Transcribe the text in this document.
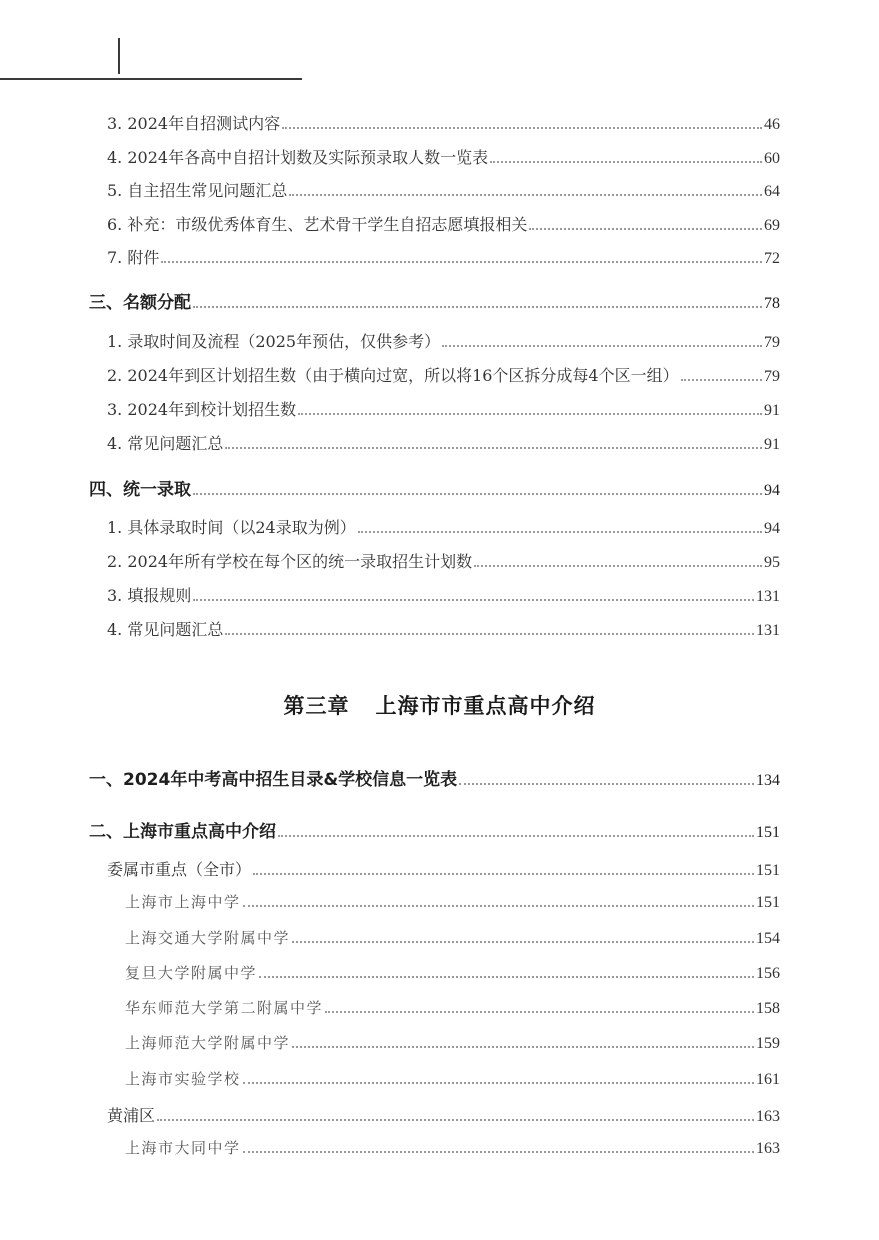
3. 2024年自招测试内容	46
4. 2024年各高中自招计划数及实际预录取人数一览表	60
5. 自主招生常见问题汇总	64
6. 补充：市级优秀体育生、艺术骨干学生自招志愿填报相关	69
7. 附件	72
三、名额分配	78
1. 录取时间及流程（2025年预估，仅供参考）	79
2. 2024年到区计划招生数（由于横向过宽，所以将16个区拆分成每4个区一组）	79
3. 2024年到校计划招生数	91
4. 常见问题汇总	91
四、统一录取	94
1. 具体录取时间（以24录取为例）	94
2. 2024年所有学校在每个区的统一录取招生计划数	95
3. 填报规则	131
4. 常见问题汇总	131
第三章 上海市市重点高中介绍
一、2024年中考高中招生目录&学校信息一览表	134
二、上海市重点高中介绍	151
委属市重点（全市）	151
上海市上海中学	151
上海交通大学附属中学	154
复旦大学附属中学	156
华东师范大学第二附属中学	158
上海师范大学附属中学	159
上海市实验学校	161
黄浦区	163
上海市大同中学	163
